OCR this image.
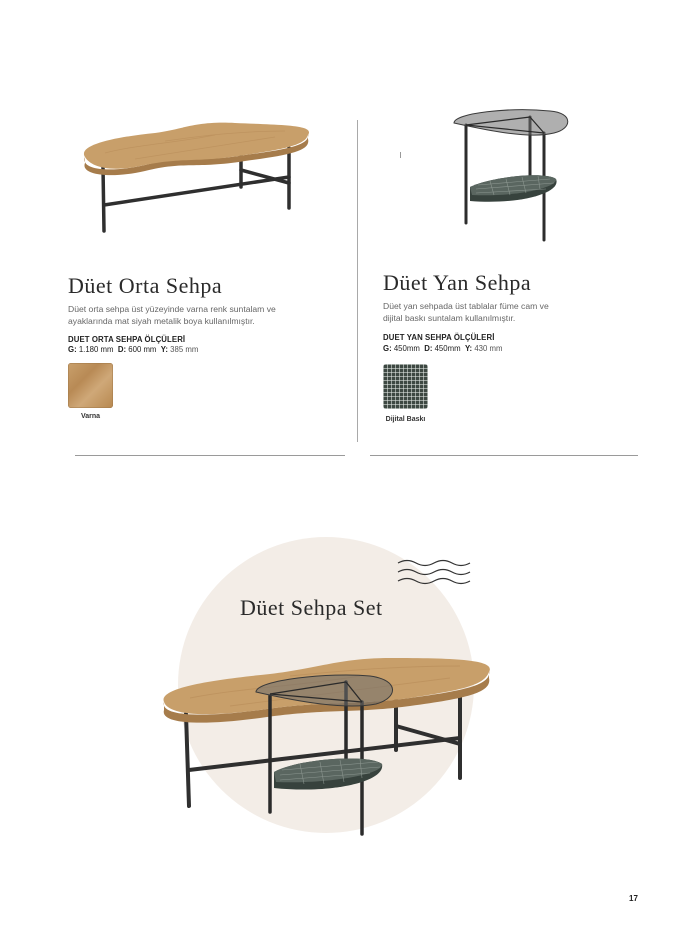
Düet Orta Sehpa
Düet orta sehpa üst yüzeyinde varna renk suntalam ve
ayaklarında mat siyah metalik boya kullanılmıştır.
DUET ORTA SEHPA ÖLÇÜLERİ
G: 1.180 mm D: 600 mm Y: 385 mm
Varna
Düet Yan Sehpa
Düet yan sehpada üst tablalar füme cam ve
dijital baskı suntalam kullanılmıştır.
DUET YAN SEHPA ÖLÇÜLERİ
G: 450mm D: 450mm Y: 430 mm
Dijital Baskı
Düet Sehpa Set
17
